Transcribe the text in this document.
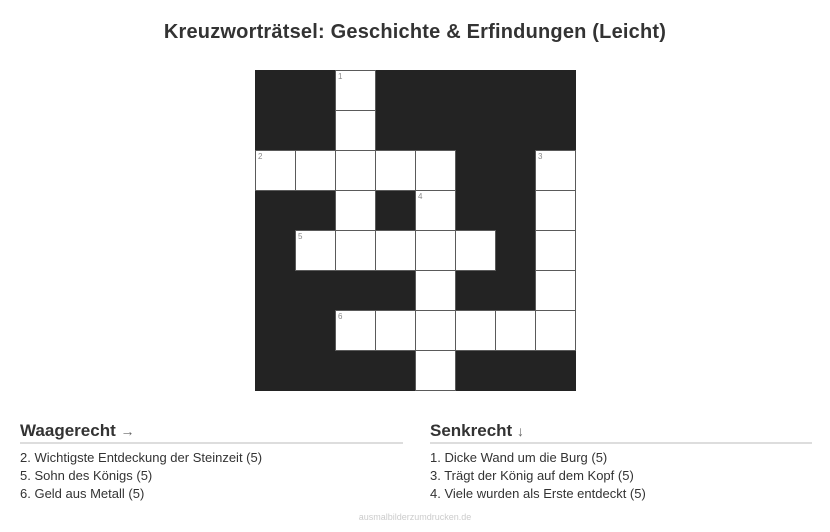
Kreuzworträtsel: Geschichte & Erfindungen (Leicht)
1
2	3
4
5
6
Waagerecht →
2. Wichtigste Entdeckung der Steinzeit (5)
5. Sohn des Königs (5)
6. Geld aus Metall (5)
Senkrecht ↓
1. Dicke Wand um die Burg (5)
3. Trägt der König auf dem Kopf (5)
4. Viele wurden als Erste entdeckt (5)
ausmalbilderzumdrucken.de
